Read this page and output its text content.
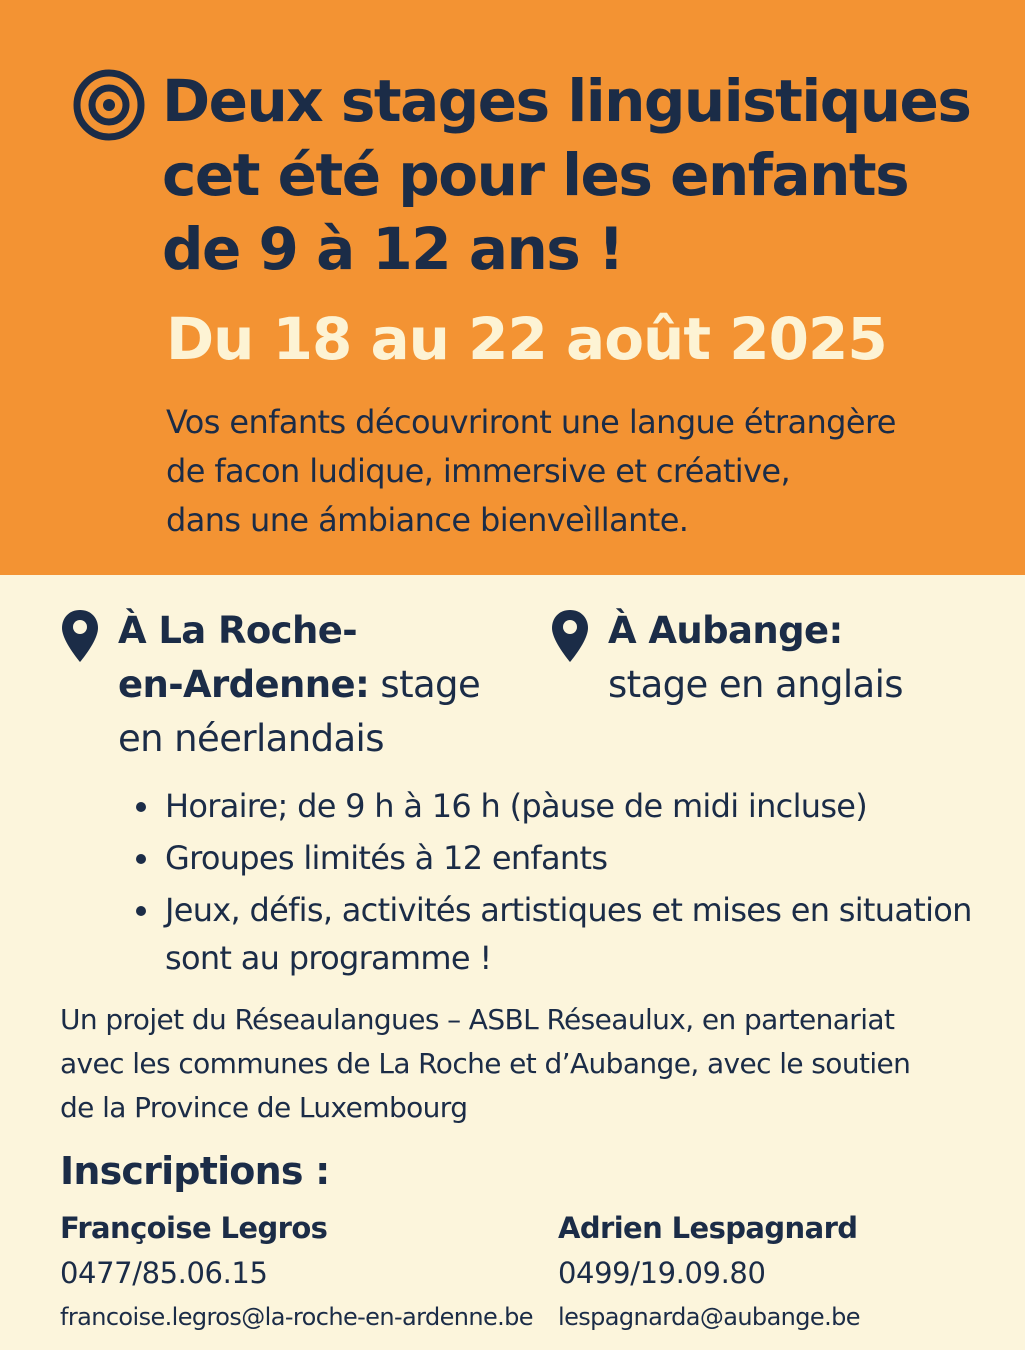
Deux stages linguistiques
cet été pour les enfants
de 9 à 12 ans !
Du 18 au 22 août 2025

Vos enfants découvriront une langue étrangère
de facon ludique, immersive et créative,
dans une ámbiance bienveìllante.

À La Roche-
en-Ardenne: stage
en néerlandais
À Aubange:
stage en anglais
Horaire; de 9 h à 16 h (pàuse de midi incluse)
Groupes limités à 12 enfants
Jeux, défis, activités artistiques et mises en situation sont au programme !

Un projet du Réseaulangues – ASBL Réseaulux, en partenariat
avec les communes de La Roche et d’Aubange, avec le soutien
de la Province de Luxembourg

Inscriptions :
Françoise Legros
0477/85.06.15
francoise.legros@la-roche-en-ardenne.be
Adrien Lespagnard
0499/19.09.80
lespagnarda@aubange.be
